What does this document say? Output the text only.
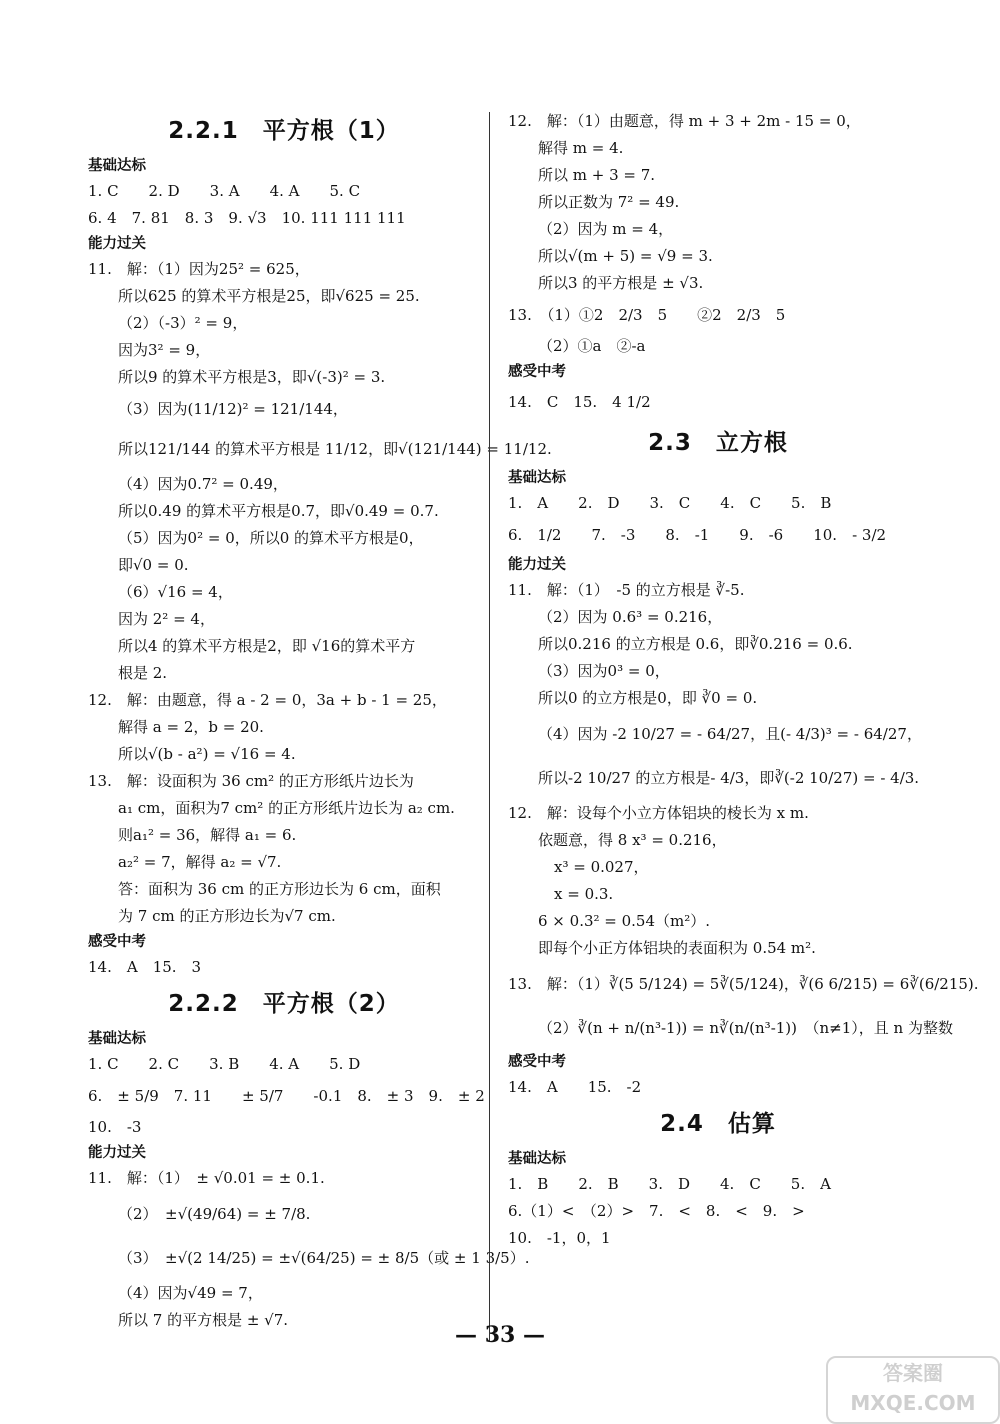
2.2.1　平方根（1）
基础达标
1. C　　2. D　　3. A　　4. A　　5. C
6. 4　7. 81　8. 3　9. √3　10. 111 111 111
能力过关
11.　解：（1）因为25² = 625，
所以625 的算术平方根是25，即√625 = 25.
（2）（-3）² = 9，
因为3² = 9，
所以9 的算术平方根是3，即√(-3)² = 3.
（3）因为(11/12)² = 121/144，
所以121/144 的算术平方根是 11/12，即√(121/144) = 11/12.
（4）因为0.7² = 0.49，
所以0.49 的算术平方根是0.7，即√0.49 = 0.7.
（5）因为0² = 0，所以0 的算术平方根是0，
即√0 = 0.
（6）√16 = 4，
因为 2² = 4，
所以4 的算术平方根是2，即 √16的算术平方
根是 2.
12.　解：由题意，得 a - 2 = 0，3a + b - 1 = 25，
解得 a = 2，b = 20.
所以√(b - a²) = √16 = 4.
13.　解：设面积为 36 cm² 的正方形纸片边长为
a₁ cm，面积为7 cm² 的正方形纸片边长为 a₂ cm.
则a₁² = 36，解得 a₁ = 6.
a₂² = 7，解得 a₂ = √7.
答：面积为 36 cm 的正方形边长为 6 cm，面积
为 7 cm 的正方形边长为√7 cm.
感受中考
14.　A　15.　3
2.2.2　平方根（2）
基础达标
1. C　　2. C　　3. B　　4. A　　5. D
6.　± 5/9　7. 11　　± 5/7　　-0.1　8.　± 3　9.　± 2
10.　-3
能力过关
11.　解：（1）　± √0.01 = ± 0.1.
（2）　±√(49/64) = ± 7/8.
（3）　±√(2 14/25) = ±√(64/25) = ± 8/5（或 ± 1 3/5）.
（4）因为√49 = 7，
所以 7 的平方根是 ± √7.
12.　解：（1）由题意，得 m + 3 + 2m - 15 = 0，
解得 m = 4.
所以 m + 3 = 7.
所以正数为 7² = 49.
（2）因为 m = 4，
所以√(m + 5) = √9 = 3.
所以3 的平方根是 ± √3.
13.　（1）①2　2/3　5　　②2　2/3　5
（2）①a　②-a
感受中考
14.　C　15.　4 1/2
2.3　立方根
基础达标
1.　A　　2.　D　　3.　C　　4.　C　　5.　B
6.　1/2　　7.　-3　　8.　-1　　9.　-6　　10.　- 3/2
能力过关
11.　解：（1）　-5 的立方根是 ∛-5.
（2）因为 0.6³ = 0.216，
所以0.216 的立方根是 0.6，即∛0.216 = 0.6.
（3）因为0³ = 0，
所以0 的立方根是0，即 ∛0 = 0.
（4）因为 -2 10/27 = - 64/27，且(- 4/3)³ = - 64/27，
所以-2 10/27 的立方根是- 4/3，即∛(-2 10/27) = - 4/3.
12.　解：设每个小立方体铝块的棱长为 x m.
依题意，得 8 x³ = 0.216，
x³ = 0.027，
x = 0.3.
6 × 0.3² = 0.54（m²）.
即每个小正方体铝块的表面积为 0.54 m².
13.　解：（1）∛(5 5/124) = 5∛(5/124)，∛(6 6/215) = 6∛(6/215).
（2）∛(n + n/(n³-1)) = n∛(n/(n³-1))　（n≠1），且 n 为整数
感受中考
14.　A　　15.　-2
2.4　估算
基础达标
1.　B　　2.　B　　3.　D　　4.　C　　5.　A
6.（1）<　（2）>　7.　<　8.　<　9.　>
10.　-1，0，1
— 33 —
答案圈
MXQE.COM
